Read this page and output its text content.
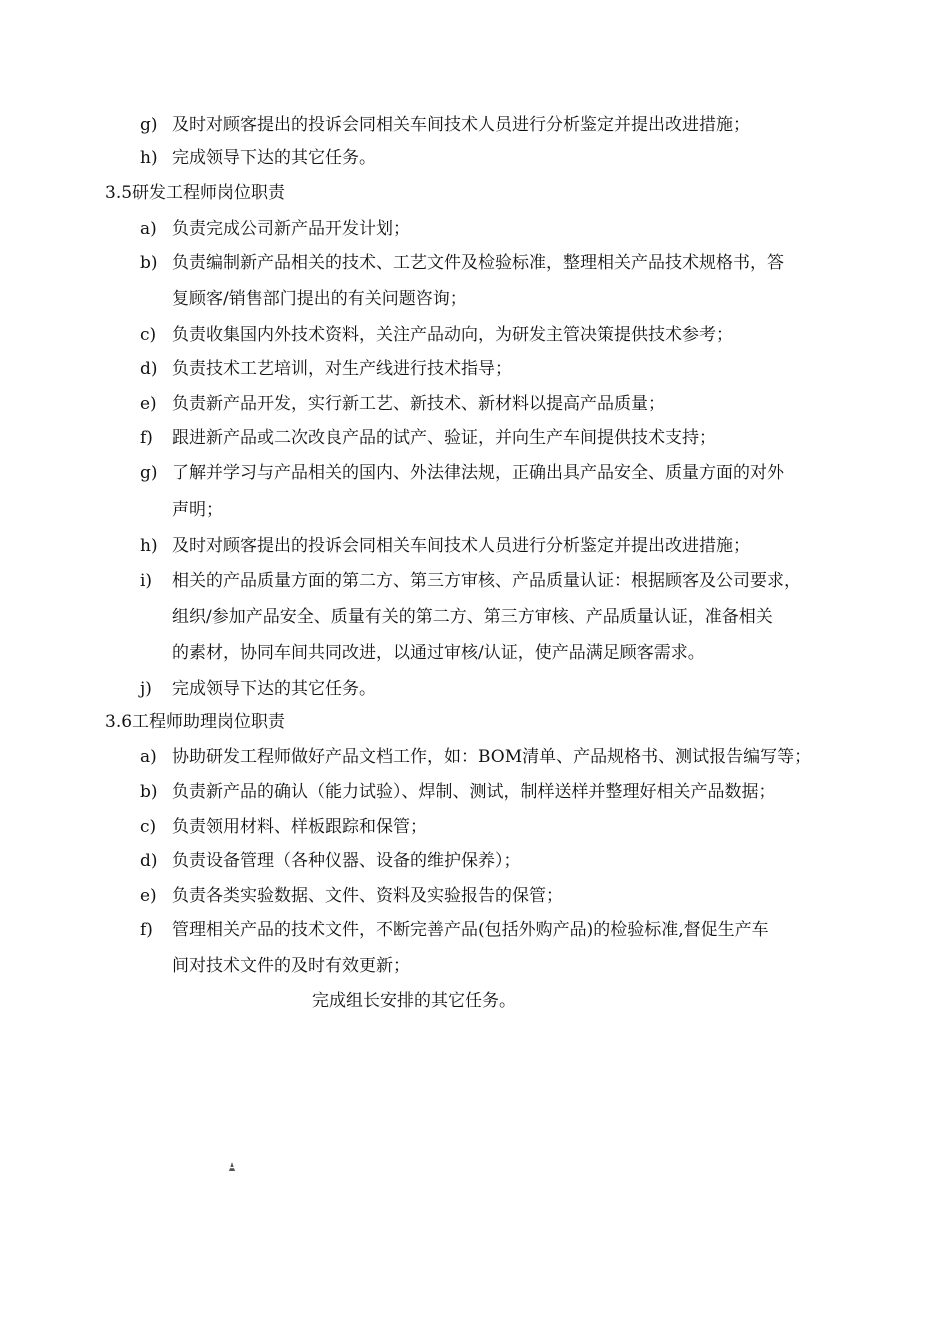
g) 及时对顾客提出的投诉会同相关车间技术人员进行分析鉴定并提出改进措施；
h) 完成领导下达的其它任务。
3.5研发工程师岗位职责
a) 负责完成公司新产品开发计划；
b) 负责编制新产品相关的技术、工艺文件及检验标准，整理相关产品技术规格书，答
复顾客/销售部门提出的有关问题咨询；
c) 负责收集国内外技术资料，关注产品动向，为研发主管决策提供技术参考；
d) 负责技术工艺培训，对生产线进行技术指导；
e) 负责新产品开发，实行新工艺、新技术、新材料以提高产品质量；
f) 跟进新产品或二次改良产品的试产、验证，并向生产车间提供技术支持；
g) 了解并学习与产品相关的国内、外法律法规，正确出具产品安全、质量方面的对外
声明；
h) 及时对顾客提出的投诉会同相关车间技术人员进行分析鉴定并提出改进措施；
i) 相关的产品质量方面的第二方、第三方审核、产品质量认证：根据顾客及公司要求，
组织/参加产品安全、质量有关的第二方、第三方审核、产品质量认证，准备相关
的素材，协同车间共同改进，以通过审核/认证，使产品满足顾客需求。
j) 完成领导下达的其它任务。
3.6工程师助理岗位职责
a) 协助研发工程师做好产品文档工作，如：BOM清单、产品规格书、测试报告编写等；
b) 负责新产品的确认（能力试验）、焊制、测试，制样送样并整理好相关产品数据；
c) 负责领用材料、样板跟踪和保管；
d) 负责设备管理（各种仪器、设备的维护保养）；
e) 负责各类实验数据、文件、资料及实验报告的保管；
f) 管理相关产品的技术文件，不断完善产品(包括外购产品)的检验标准,督促生产车
间对技术文件的及时有效更新；
完成组长安排的其它任务。
